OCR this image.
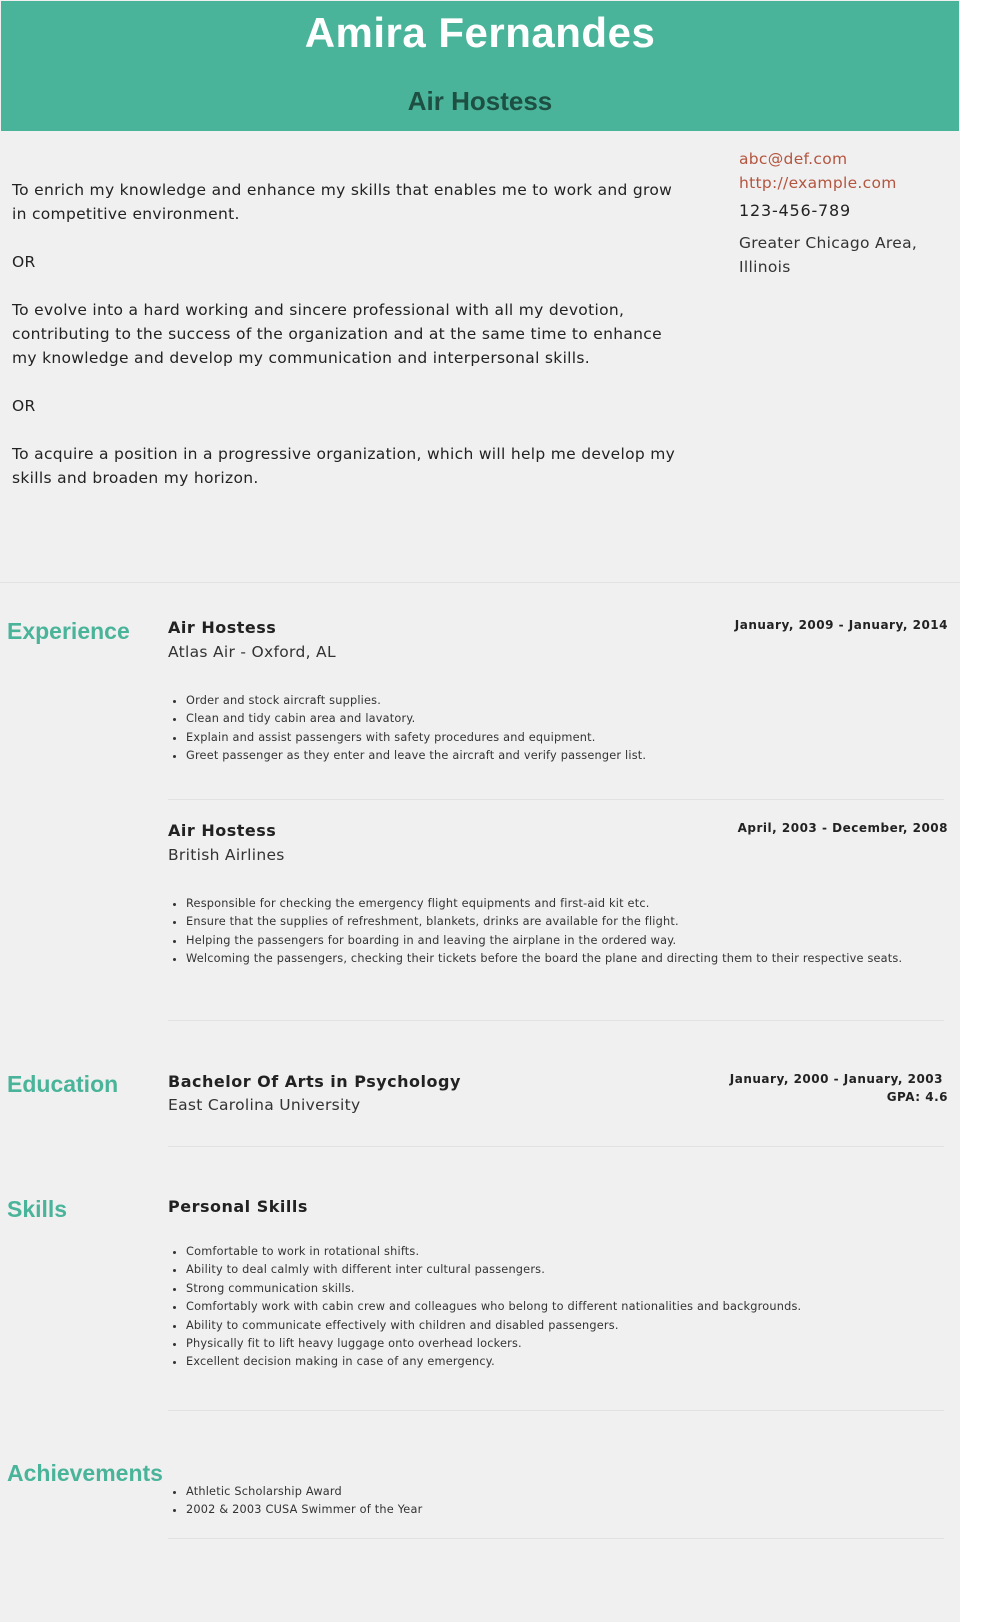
Amira Fernandes
Air Hostess

To enrich my knowledge and enhance my skills that enables me to work and grow in competitive environment.

OR

To evolve into a hard working and sincere professional with all my devotion, contributing to the success of the organization and at the same time to enhance my knowledge and develop my communication and interpersonal skills.

OR

To acquire a position in a progressive organization, which will help me develop my skills and broaden my horizon.

abc@def.com
http://example.com
123-456-789
Greater Chicago Area, Illinois
Experience Air Hostess	January, 2009 - January, 2014
Atlas Air - Oxford, AL
• Order and stock aircraft supplies.
• Clean and tidy cabin area and lavatory.
• Explain and assist passengers with safety procedures and equipment.
• Greet passenger as they enter and leave the aircraft and verify passenger list.
Air Hostess	April, 2003 - December, 2008
British Airlines
• Responsible for checking the emergency flight equipments and first-aid kit etc.
• Ensure that the supplies of refreshment, blankets, drinks are available for the flight.
• Helping the passengers for boarding in and leaving the airplane in the ordered way.
• Welcoming the passengers, checking their tickets before the board the plane and directing them to their respective seats.
Education	Bachelor Of Arts in Psychology
East Carolina University
January, 2000 - January, 2003
GPA: 4.6
Skills	Personal Skills
• Comfortable to work in rotational shifts.
• Ability to deal calmly with different inter cultural passengers.
• Strong communication skills.
• Comfortably work with cabin crew and colleagues who belong to different nationalities and backgrounds.
• Ability to communicate effectively with children and disabled passengers.
• Physically fit to lift heavy luggage onto overhead lockers.
• Excellent decision making in case of any emergency.
Achievements
• Athletic Scholarship Award
• 2002 & 2003 CUSA Swimmer of the Year
